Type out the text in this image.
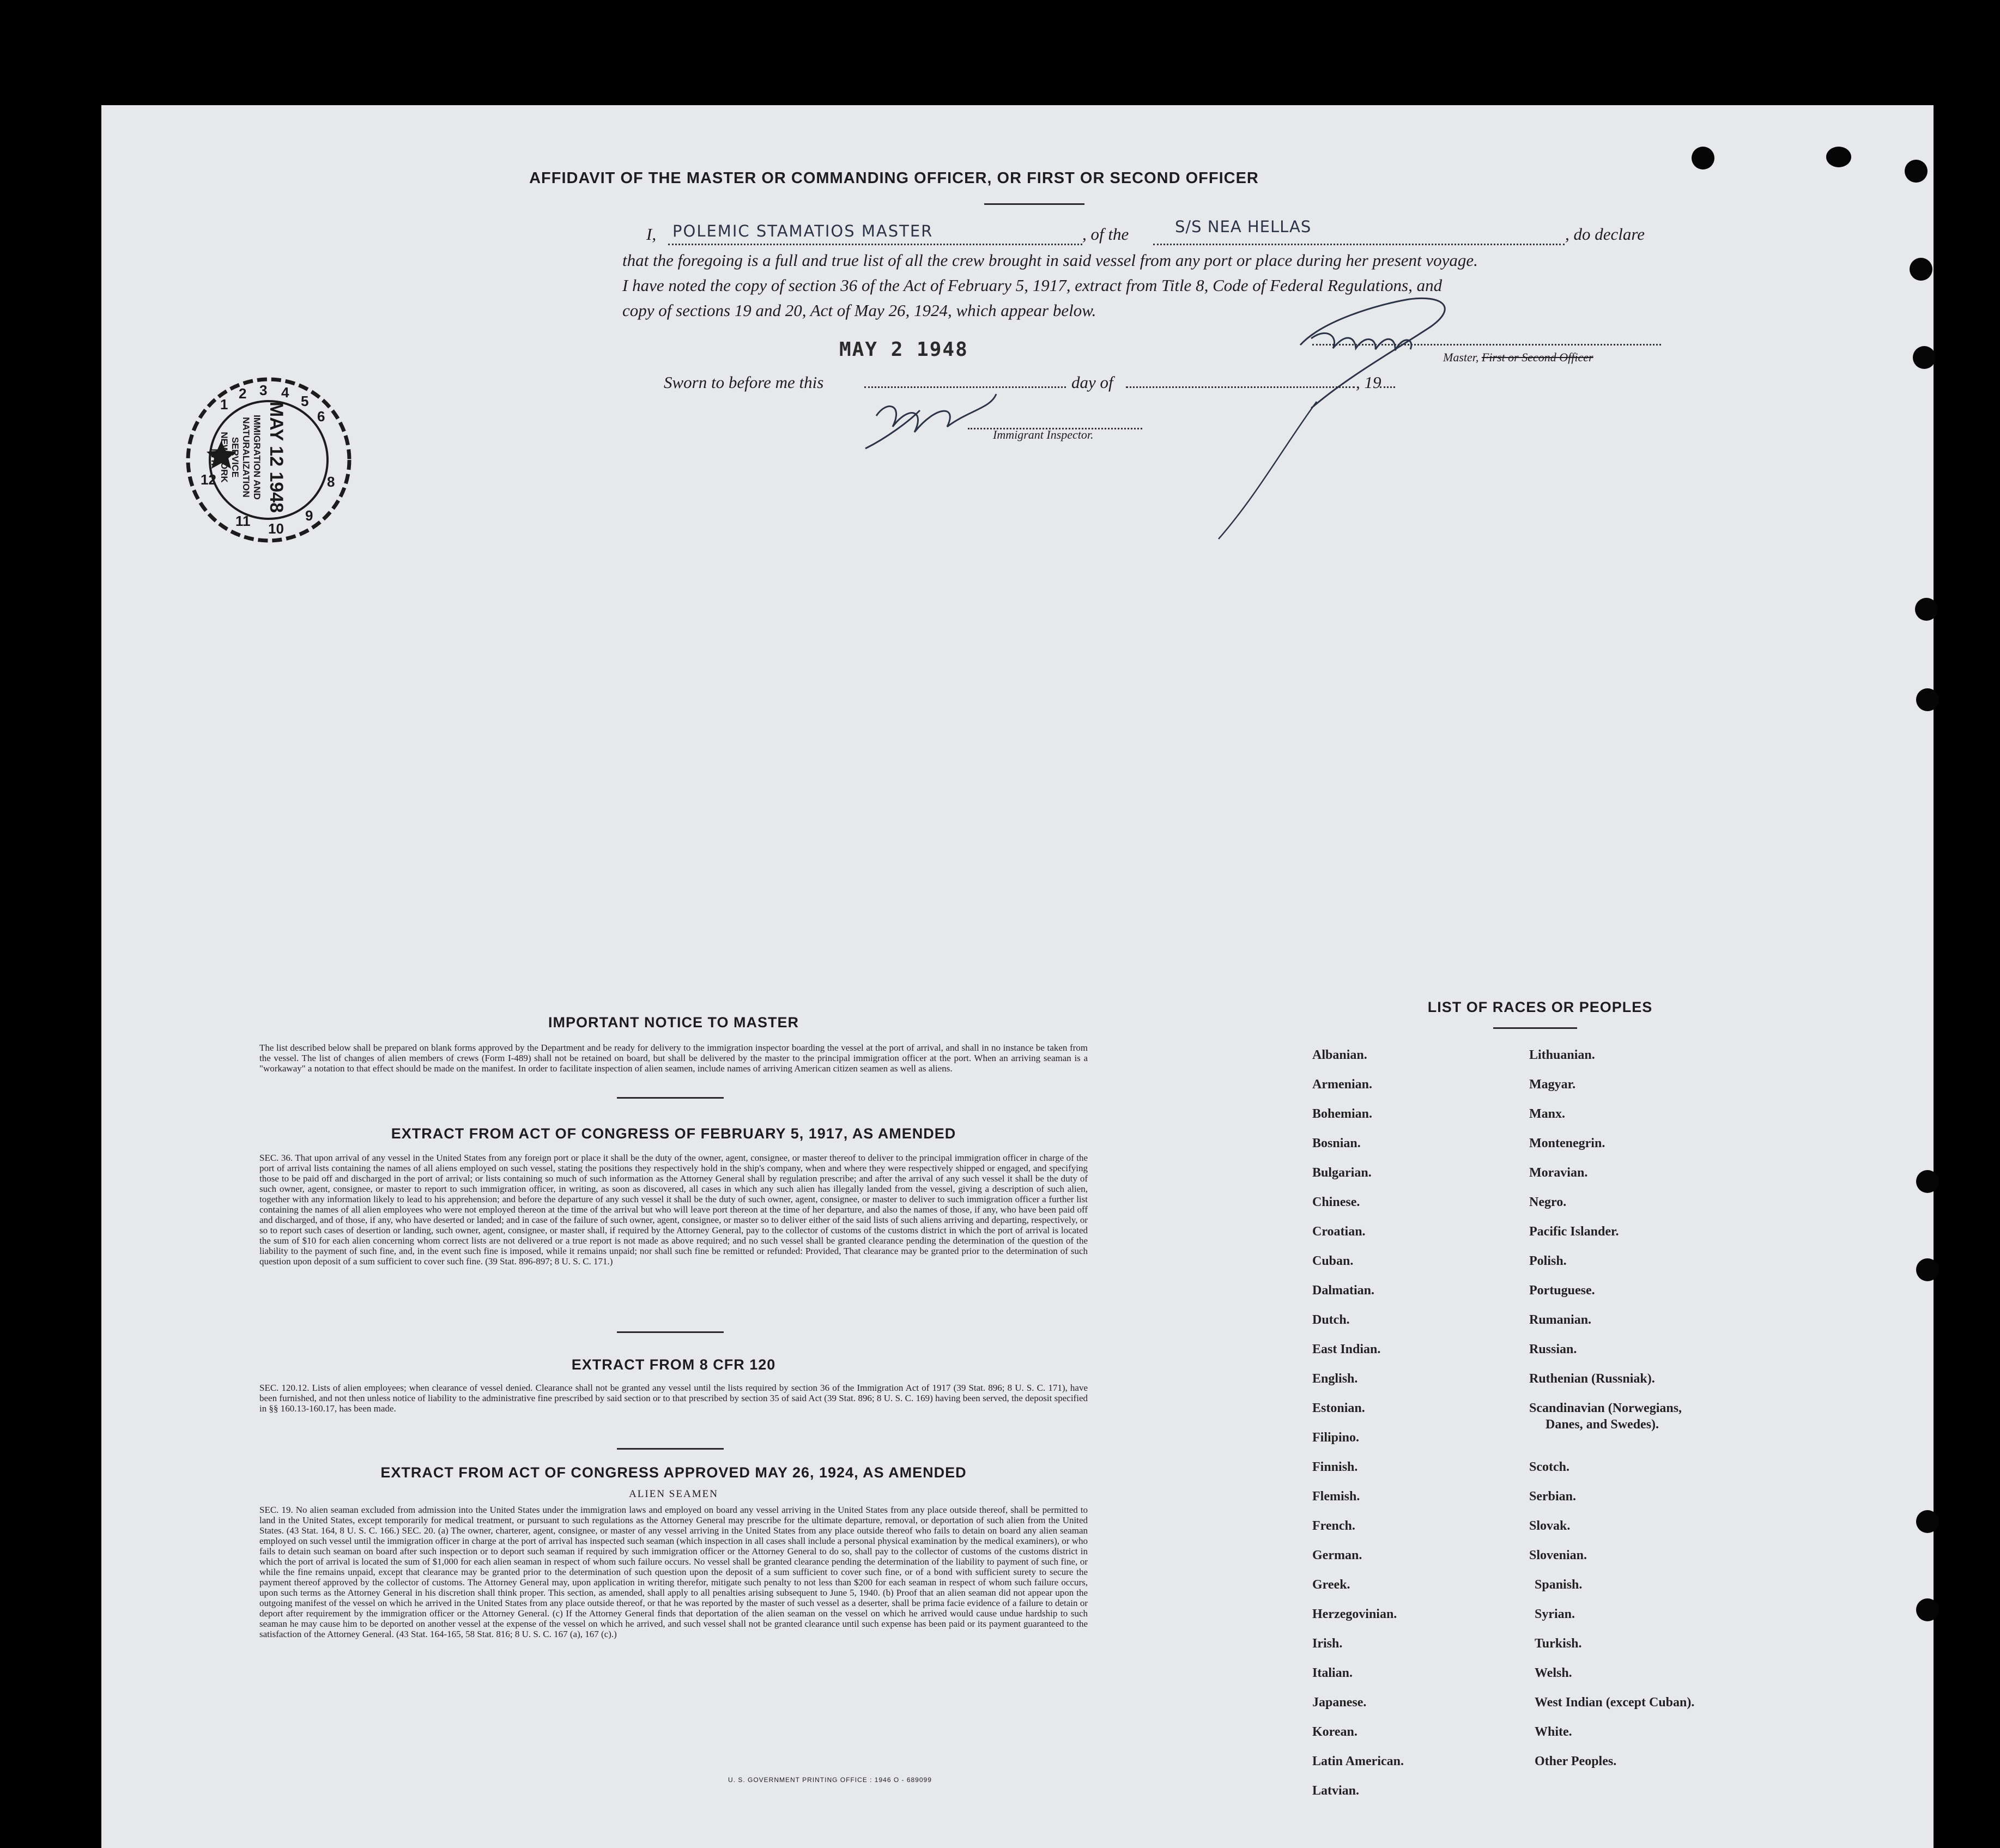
AFFIDAVIT OF THE MASTER OR COMMANDING OFFICER, OR FIRST OR SECOND OFFICER
I, POLEMIC STAMATIOS MASTER	, of the	S/S NEA HELLAS	, do declare
that the foregoing is a full and true list of all the crew brought in said vessel from any port or place during her present voyage.
I have noted the copy of section 36 of the Act of February 5, 1917, extract from Title 8, Code of Federal Regulations, and
copy of sections 19 and 20, Act of May 26, 1924, which appear below.
MAY 2 1948
Sworn to before me this	day of	, 19
Master, First or Second Officer
Immigrant Inspector.
3 4
5
6
2
1
8
9
10
11
12	MAY 12 1948
IMMIGRATION AND
NATURALIZATION
SERVICE
NEW YORK
N.Y.
IMPORTANT NOTICE TO MASTER
The list described below shall be prepared on blank forms approved by the Department and be ready for delivery to the immigration inspector boarding the vessel at the port of arrival, and shall in no instance be taken from the vessel. The list of changes of alien members of crews (Form I-489) shall not be retained on board, but shall be delivered by the master to the principal immigration officer at the port. When an arriving seaman is a "workaway" a notation to that effect should be made on the manifest. In order to facilitate inspection of alien seamen, include names of arriving American citizen seamen as well as aliens.
EXTRACT FROM ACT OF CONGRESS OF FEBRUARY 5, 1917, AS AMENDED
SEC. 36. That upon arrival of any vessel in the United States from any foreign port or place it shall be the duty of the owner, agent, consignee, or master thereof to deliver to the principal immigration officer in charge of the port of arrival lists containing the names of all aliens employed on such vessel, stating the positions they respectively hold in the ship's company, when and where they were respectively shipped or engaged, and specifying those to be paid off and discharged in the port of arrival; or lists containing so much of such information as the Attorney General shall by regulation prescribe; and after the arrival of any such vessel it shall be the duty of such owner, agent, consignee, or master to report to such immigration officer, in writing, as soon as discovered, all cases in which any such alien has illegally landed from the vessel, giving a description of such alien, together with any information likely to lead to his apprehension; and before the departure of any such vessel it shall be the duty of such owner, agent, consignee, or master to deliver to such immigration officer a further list containing the names of all alien employees who were not employed thereon at the time of the arrival but who will leave port thereon at the time of her departure, and also the names of those, if any, who have been paid off and discharged, and of those, if any, who have deserted or landed; and in case of the failure of such owner, agent, consignee, or master so to deliver either of the said lists of such aliens arriving and departing, respectively, or so to report such cases of desertion or landing, such owner, agent, consignee, or master shall, if required by the Attorney General, pay to the collector of customs of the customs district in which the port of arrival is located the sum of $10 for each alien concerning whom correct lists are not delivered or a true report is not made as above required; and no such vessel shall be granted clearance pending the determination of the question of the liability to the payment of such fine, and, in the event such fine is imposed, while it remains unpaid; nor shall such fine be remitted or refunded: Provided, That clearance may be granted prior to the determination of such question upon deposit of a sum sufficient to cover such fine. (39 Stat. 896-897; 8 U. S. C. 171.)
EXTRACT FROM 8 CFR 120
SEC. 120.12. Lists of alien employees; when clearance of vessel denied. Clearance shall not be granted any vessel until the lists required by section 36 of the Immigration Act of 1917 (39 Stat. 896; 8 U. S. C. 171), have been furnished, and not then unless notice of liability to the administrative fine prescribed by said section or to that prescribed by section 35 of said Act (39 Stat. 896; 8 U. S. C. 169) having been served, the deposit specified in §§ 160.13-160.17, has been made.
EXTRACT FROM ACT OF CONGRESS APPROVED MAY 26, 1924, AS AMENDED
ALIEN SEAMEN
SEC. 19. No alien seaman excluded from admission into the United States under the immigration laws and employed on board any vessel arriving in the United States from any place outside thereof, shall be permitted to land in the United States, except temporarily for medical treatment, or pursuant to such regulations as the Attorney General may prescribe for the ultimate departure, removal, or deportation of such alien from the United States. (43 Stat. 164, 8 U. S. C. 166.) SEC. 20. (a) The owner, charterer, agent, consignee, or master of any vessel arriving in the United States from any place outside thereof who fails to detain on board any alien seaman employed on such vessel until the immigration officer in charge at the port of arrival has inspected such seaman (which inspection in all cases shall include a personal physical examination by the medical examiners), or who fails to detain such seaman on board after such inspection or to deport such seaman if required by such immigration officer or the Attorney General to do so, shall pay to the collector of customs of the customs district in which the port of arrival is located the sum of $1,000 for each alien seaman in respect of whom such failure occurs. No vessel shall be granted clearance pending the determination of the liability to payment of such fine, or while the fine remains unpaid, except that clearance may be granted prior to the determination of such question upon the deposit of a sum sufficient to cover such fine, or of a bond with sufficient surety to secure the payment thereof approved by the collector of customs. The Attorney General may, upon application in writing therefor, mitigate such penalty to not less than $200 for each seaman in respect of whom such failure occurs, upon such terms as the Attorney General in his discretion shall think proper. This section, as amended, shall apply to all penalties arising subsequent to June 5, 1940. (b) Proof that an alien seaman did not appear upon the outgoing manifest of the vessel on which he arrived in the United States from any place outside thereof, or that he was reported by the master of such vessel as a deserter, shall be prima facie evidence of a failure to detain or deport after requirement by the immigration officer or the Attorney General. (c) If the Attorney General finds that deportation of the alien seaman on the vessel on which he arrived would cause undue hardship to such seaman he may cause him to be deported on another vessel at the expense of the vessel on which he arrived, and such vessel shall not be granted clearance until such expense has been paid or its payment guaranteed to the satisfaction of the Attorney General. (43 Stat. 164-165, 58 Stat. 816; 8 U. S. C. 167 (a), 167 (c).)
U. S. GOVERNMENT PRINTING OFFICE : 1946 O - 689099
LIST OF RACES OR PEOPLES
Albanian.
Armenian.
Bohemian.
Bosnian.
Bulgarian.
Chinese.
Croatian.
Cuban.
Dalmatian.
Dutch.
East Indian.
English.
Estonian.
Filipino.
Finnish.
Flemish.
French.
German.
Greek.
Herzegovinian.
Irish.
Italian.
Japanese.
Korean.
Latin American.
Latvian.
Lithuanian.
Magyar.
Manx.
Montenegrin.
Moravian.
Negro.
Pacific Islander.
Polish.
Portuguese.
Rumanian.
Russian.
Ruthenian (Russniak).
Scandinavian (Norwegians,
Danes, and Swedes).
Scotch.
Serbian.
Slovak.
Slovenian.
Spanish.
Syrian.
Turkish.
Welsh.
West Indian (except Cuban).
White.
Other Peoples.
